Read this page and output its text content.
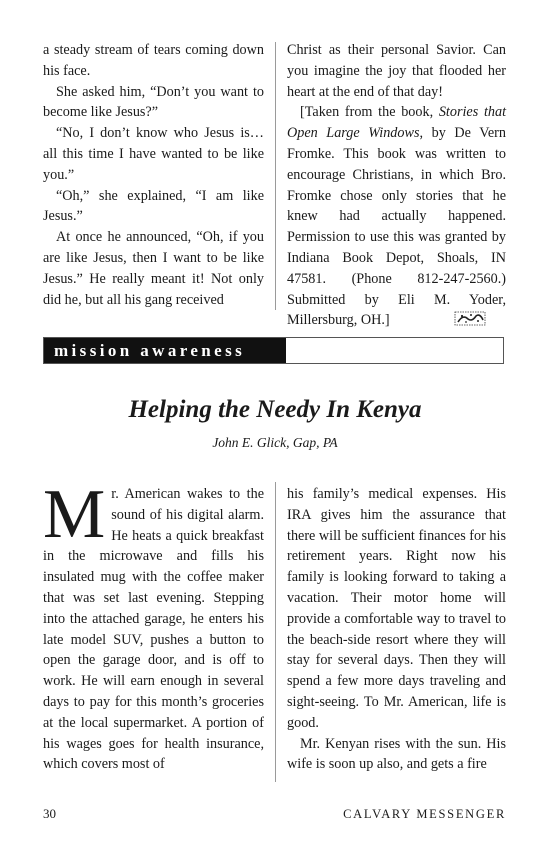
a steady stream of tears coming down his face.

She asked him, “Don’t you want to become like Jesus?”

“No, I don’t know who Jesus is… all this time I have wanted to be like you.”

“Oh,” she explained, “I am like Jesus.”

At once he announced, “Oh, if you are like Jesus, then I want to be like Jesus.” He really meant it! Not only did he, but all his gang received

Christ as their personal Savior. Can you imagine the joy that flooded her heart at the end of that day!

[Taken from the book, Stories that Open Large Windows, by De Vern Fromke. This book was written to encourage Christians, in which Bro. Fromke chose only stories that he knew had actually happened. Permission to use this was granted by Indiana Book Depot, Shoals, IN 47581. (Phone 812-247-2560.) Submitted by Eli M. Yoder, Millersburg, OH.]

mission awareness
Helping the Needy In Kenya
John E. Glick, Gap, PA

Mr. American wakes to the sound of his digital alarm. He heats a quick breakfast in the microwave and fills his insulated mug with the coffee maker that was set last evening. Stepping into the attached garage, he enters his late model SUV, pushes a button to open the garage door, and is off to work. He will earn enough in several days to pay for this month’s groceries at the local supermarket. A portion of his wages goes for health insurance, which covers most of

his family’s medical expenses. His IRA gives him the assurance that there will be sufficient finances for his retirement years. Right now his family is looking forward to taking a vacation. Their motor home will provide a comfortable way to travel to the beach-side resort where they will stay for several days. Then they will spend a few more days traveling and sight-seeing. To Mr. American, life is good.

Mr. Kenyan rises with the sun. His wife is soon up also, and gets a fire

30	CALVARY MESSENGER
